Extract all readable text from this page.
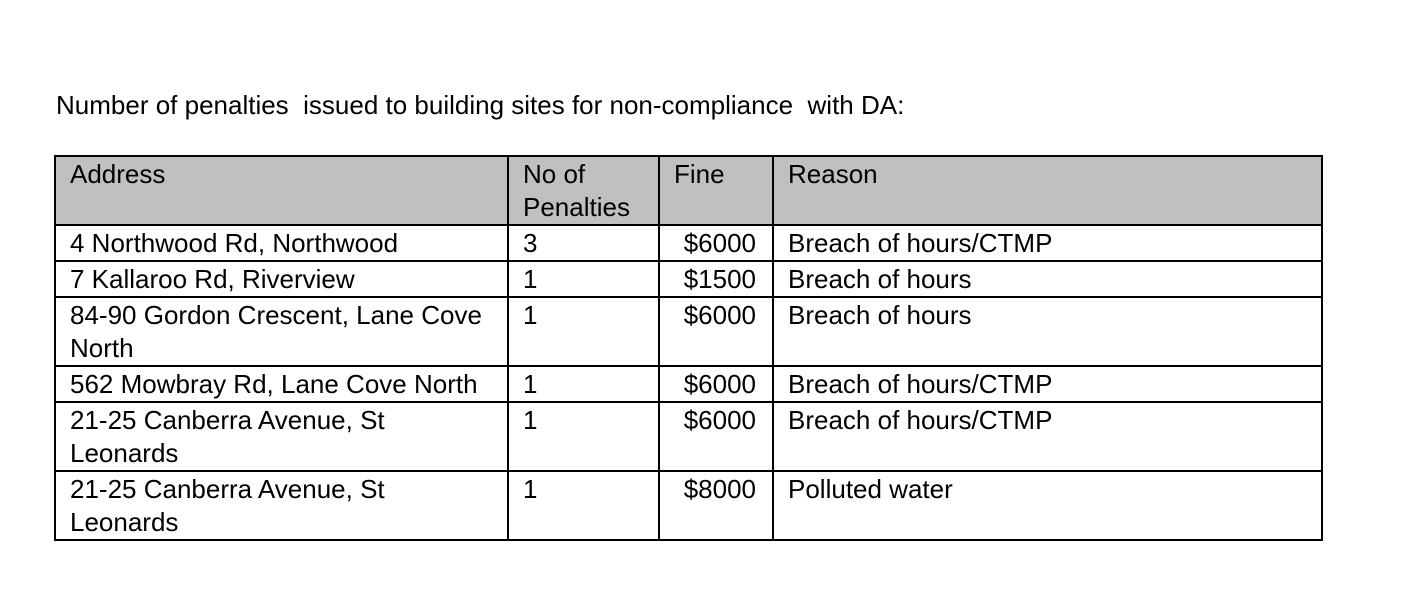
Number of penalties  issued to building sites for non-compliance  with DA:
Address	No of Penalties	Fine	Reason
4 Northwood Rd, Northwood	3	$6000	Breach of hours/CTMP
7 Kallaroo Rd, Riverview	1	$1500	Breach of hours
84-90 Gordon Crescent, Lane Cove North	1	$6000	Breach of hours
562 Mowbray Rd, Lane Cove North	1	$6000	Breach of hours/CTMP
21-25 Canberra Avenue, St Leonards	1	$6000	Breach of hours/CTMP
21-25 Canberra Avenue, St Leonards	1	$8000	Polluted water
